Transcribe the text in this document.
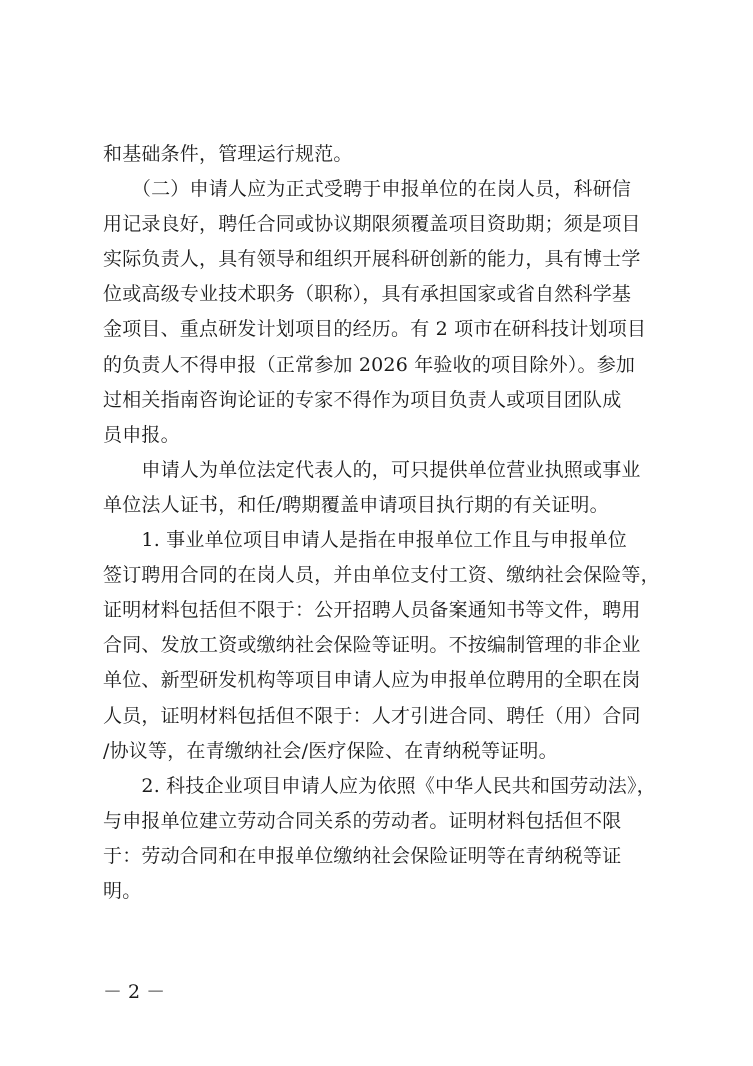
和基础条件，管理运行规范。
　　（二）申请人应为正式受聘于申报单位的在岗人员，科研信
用记录良好，聘任合同或协议期限须覆盖项目资助期；须是项目
实际负责人，具有领导和组织开展科研创新的能力，具有博士学
位或高级专业技术职务（职称），具有承担国家或省自然科学基
金项目、重点研发计划项目的经历。有 2 项市在研科技计划项目
的负责人不得申报（正常参加 2026 年验收的项目除外）。参加
过相关指南咨询论证的专家不得作为项目负责人或项目团队成
员申报。
　　申请人为单位法定代表人的，可只提供单位营业执照或事业
单位法人证书，和任/聘期覆盖申请项目执行期的有关证明。
　　1. 事业单位项目申请人是指在申报单位工作且与申报单位
签订聘用合同的在岗人员，并由单位支付工资、缴纳社会保险等，
证明材料包括但不限于：公开招聘人员备案通知书等文件，聘用
合同、发放工资或缴纳社会保险等证明。不按编制管理的非企业
单位、新型研发机构等项目申请人应为申报单位聘用的全职在岗
人员，证明材料包括但不限于：人才引进合同、聘任（用）合同
/协议等，在青缴纳社会/医疗保险、在青纳税等证明。
　　2. 科技企业项目申请人应为依照《中华人民共和国劳动法》，
与申报单位建立劳动合同关系的劳动者。证明材料包括但不限
于：劳动合同和在申报单位缴纳社会保险证明等在青纳税等证
明。
－ 2 －
